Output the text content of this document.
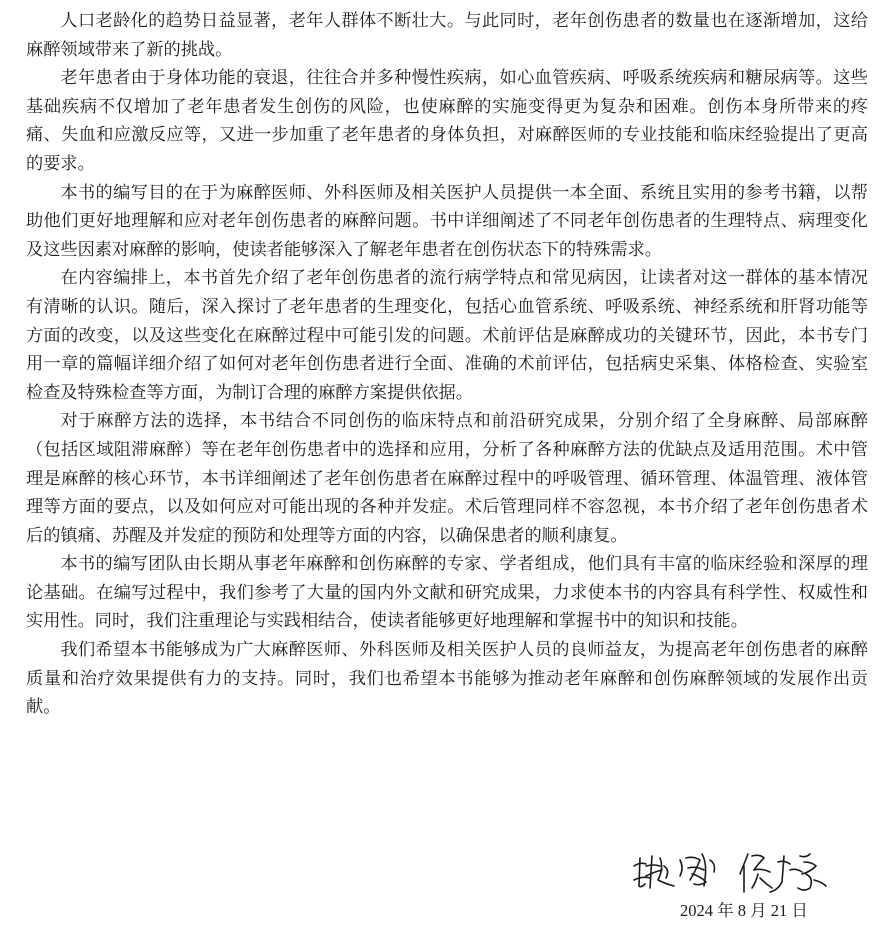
人口老龄化的趋势日益显著，老年人群体不断壮大。与此同时，老年创伤患者的数量也在逐渐增加，这给麻醉领域带来了新的挑战。

老年患者由于身体功能的衰退，往往合并多种慢性疾病，如心血管疾病、呼吸系统疾病和糖尿病等。这些基础疾病不仅增加了老年患者发生创伤的风险，也使麻醉的实施变得更为复杂和困难。创伤本身所带来的疼痛、失血和应激反应等，又进一步加重了老年患者的身体负担，对麻醉医师的专业技能和临床经验提出了更高的要求。

本书的编写目的在于为麻醉医师、外科医师及相关医护人员提供一本全面、系统且实用的参考书籍，以帮助他们更好地理解和应对老年创伤患者的麻醉问题。书中详细阐述了不同老年创伤患者的生理特点、病理变化及这些因素对麻醉的影响，使读者能够深入了解老年患者在创伤状态下的特殊需求。

在内容编排上，本书首先介绍了老年创伤患者的流行病学特点和常见病因，让读者对这一群体的基本情况有清晰的认识。随后，深入探讨了老年患者的生理变化，包括心血管系统、呼吸系统、神经系统和肝肾功能等方面的改变，以及这些变化在麻醉过程中可能引发的问题。术前评估是麻醉成功的关键环节，因此，本书专门用一章的篇幅详细介绍了如何对老年创伤患者进行全面、准确的术前评估，包括病史采集、体格检查、实验室检查及特殊检查等方面，为制订合理的麻醉方案提供依据。

对于麻醉方法的选择，本书结合不同创伤的临床特点和前沿研究成果，分别介绍了全身麻醉、局部麻醉（包括区域阻滞麻醉）等在老年创伤患者中的选择和应用，分析了各种麻醉方法的优缺点及适用范围。术中管理是麻醉的核心环节，本书详细阐述了老年创伤患者在麻醉过程中的呼吸管理、循环管理、体温管理、液体管理等方面的要点，以及如何应对可能出现的各种并发症。术后管理同样不容忽视，本书介绍了老年创伤患者术后的镇痛、苏醒及并发症的预防和处理等方面的内容，以确保患者的顺利康复。

本书的编写团队由长期从事老年麻醉和创伤麻醉的专家、学者组成，他们具有丰富的临床经验和深厚的理论基础。在编写过程中，我们参考了大量的国内外文献和研究成果，力求使本书的内容具有科学性、权威性和实用性。同时，我们注重理论与实践相结合，使读者能够更好地理解和掌握书中的知识和技能。

我们希望本书能够成为广大麻醉医师、外科医师及相关医护人员的良师益友，为提高老年创伤患者的麻醉质量和治疗效果提供有力的支持。同时，我们也希望本书能够为推动老年麻醉和创伤麻醉领域的发展作出贡献。

2024 年 8 月 21 日
